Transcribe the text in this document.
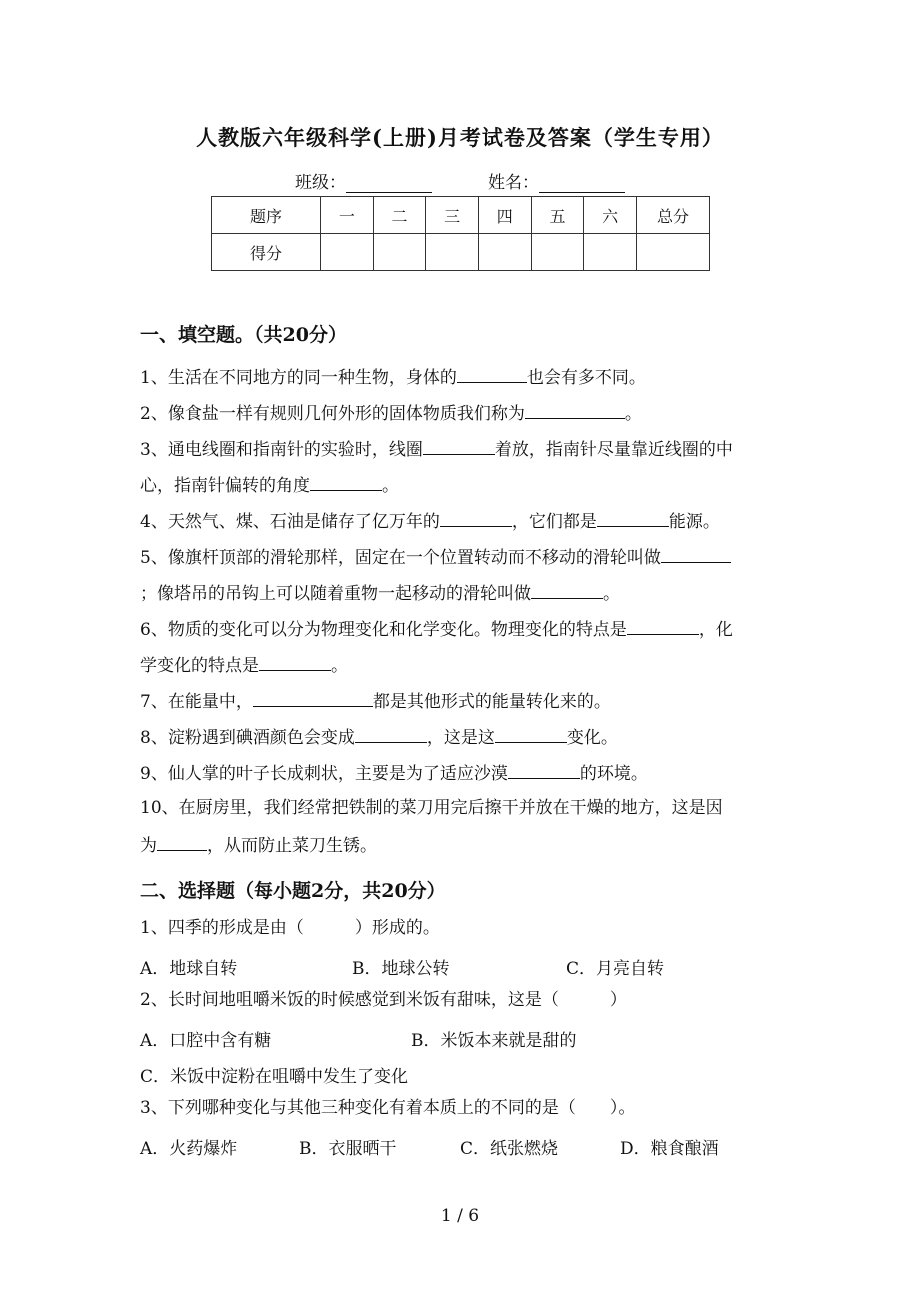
人教版六年级科学(上册)月考试卷及答案（学生专用）
班级：	姓名：
题序	一	二	三	四	五	六	总分
得分							
一、填空题。（共20分）
1、生活在不同地方的同一种生物，身体的	也会有多不同。
2、像食盐一样有规则几何外形的固体物质我们称为	。
3、通电线圈和指南针的实验时，线圈	着放，指南针尽量靠近线圈的中
心，指南针偏转的角度	。
4、天然气、煤、石油是储存了亿万年的	，它们都是	能源。
5、像旗杆顶部的滑轮那样，固定在一个位置转动而不移动的滑轮叫做
；像塔吊的吊钩上可以随着重物一起移动的滑轮叫做	。
6、物质的变化可以分为物理变化和化学变化。物理变化的特点是	，化
学变化的特点是	。
7、在能量中，	都是其他形式的能量转化来的。
8、淀粉遇到碘酒颜色会变成	，这是这	变化。
9、仙人掌的叶子长成刺状，主要是为了适应沙漠	的环境。
10、在厨房里，我们经常把铁制的菜刀用完后擦干并放在干燥的地方，这是因
为	，从而防止菜刀生锈。
二、选择题（每小题2分，共20分）
1、四季的形成是由（　　　）形成的。
A．地球自转	B．地球公转	C．月亮自转
2、长时间地咀嚼米饭的时候感觉到米饭有甜味，这是（　　　）
A．口腔中含有糖	B．米饭本来就是甜的
C．米饭中淀粉在咀嚼中发生了变化
3、下列哪种变化与其他三种变化有着本质上的不同的是（　　）。
A．火药爆炸	B．衣服晒干	C．纸张燃烧	D．粮食酿酒
1 / 6
